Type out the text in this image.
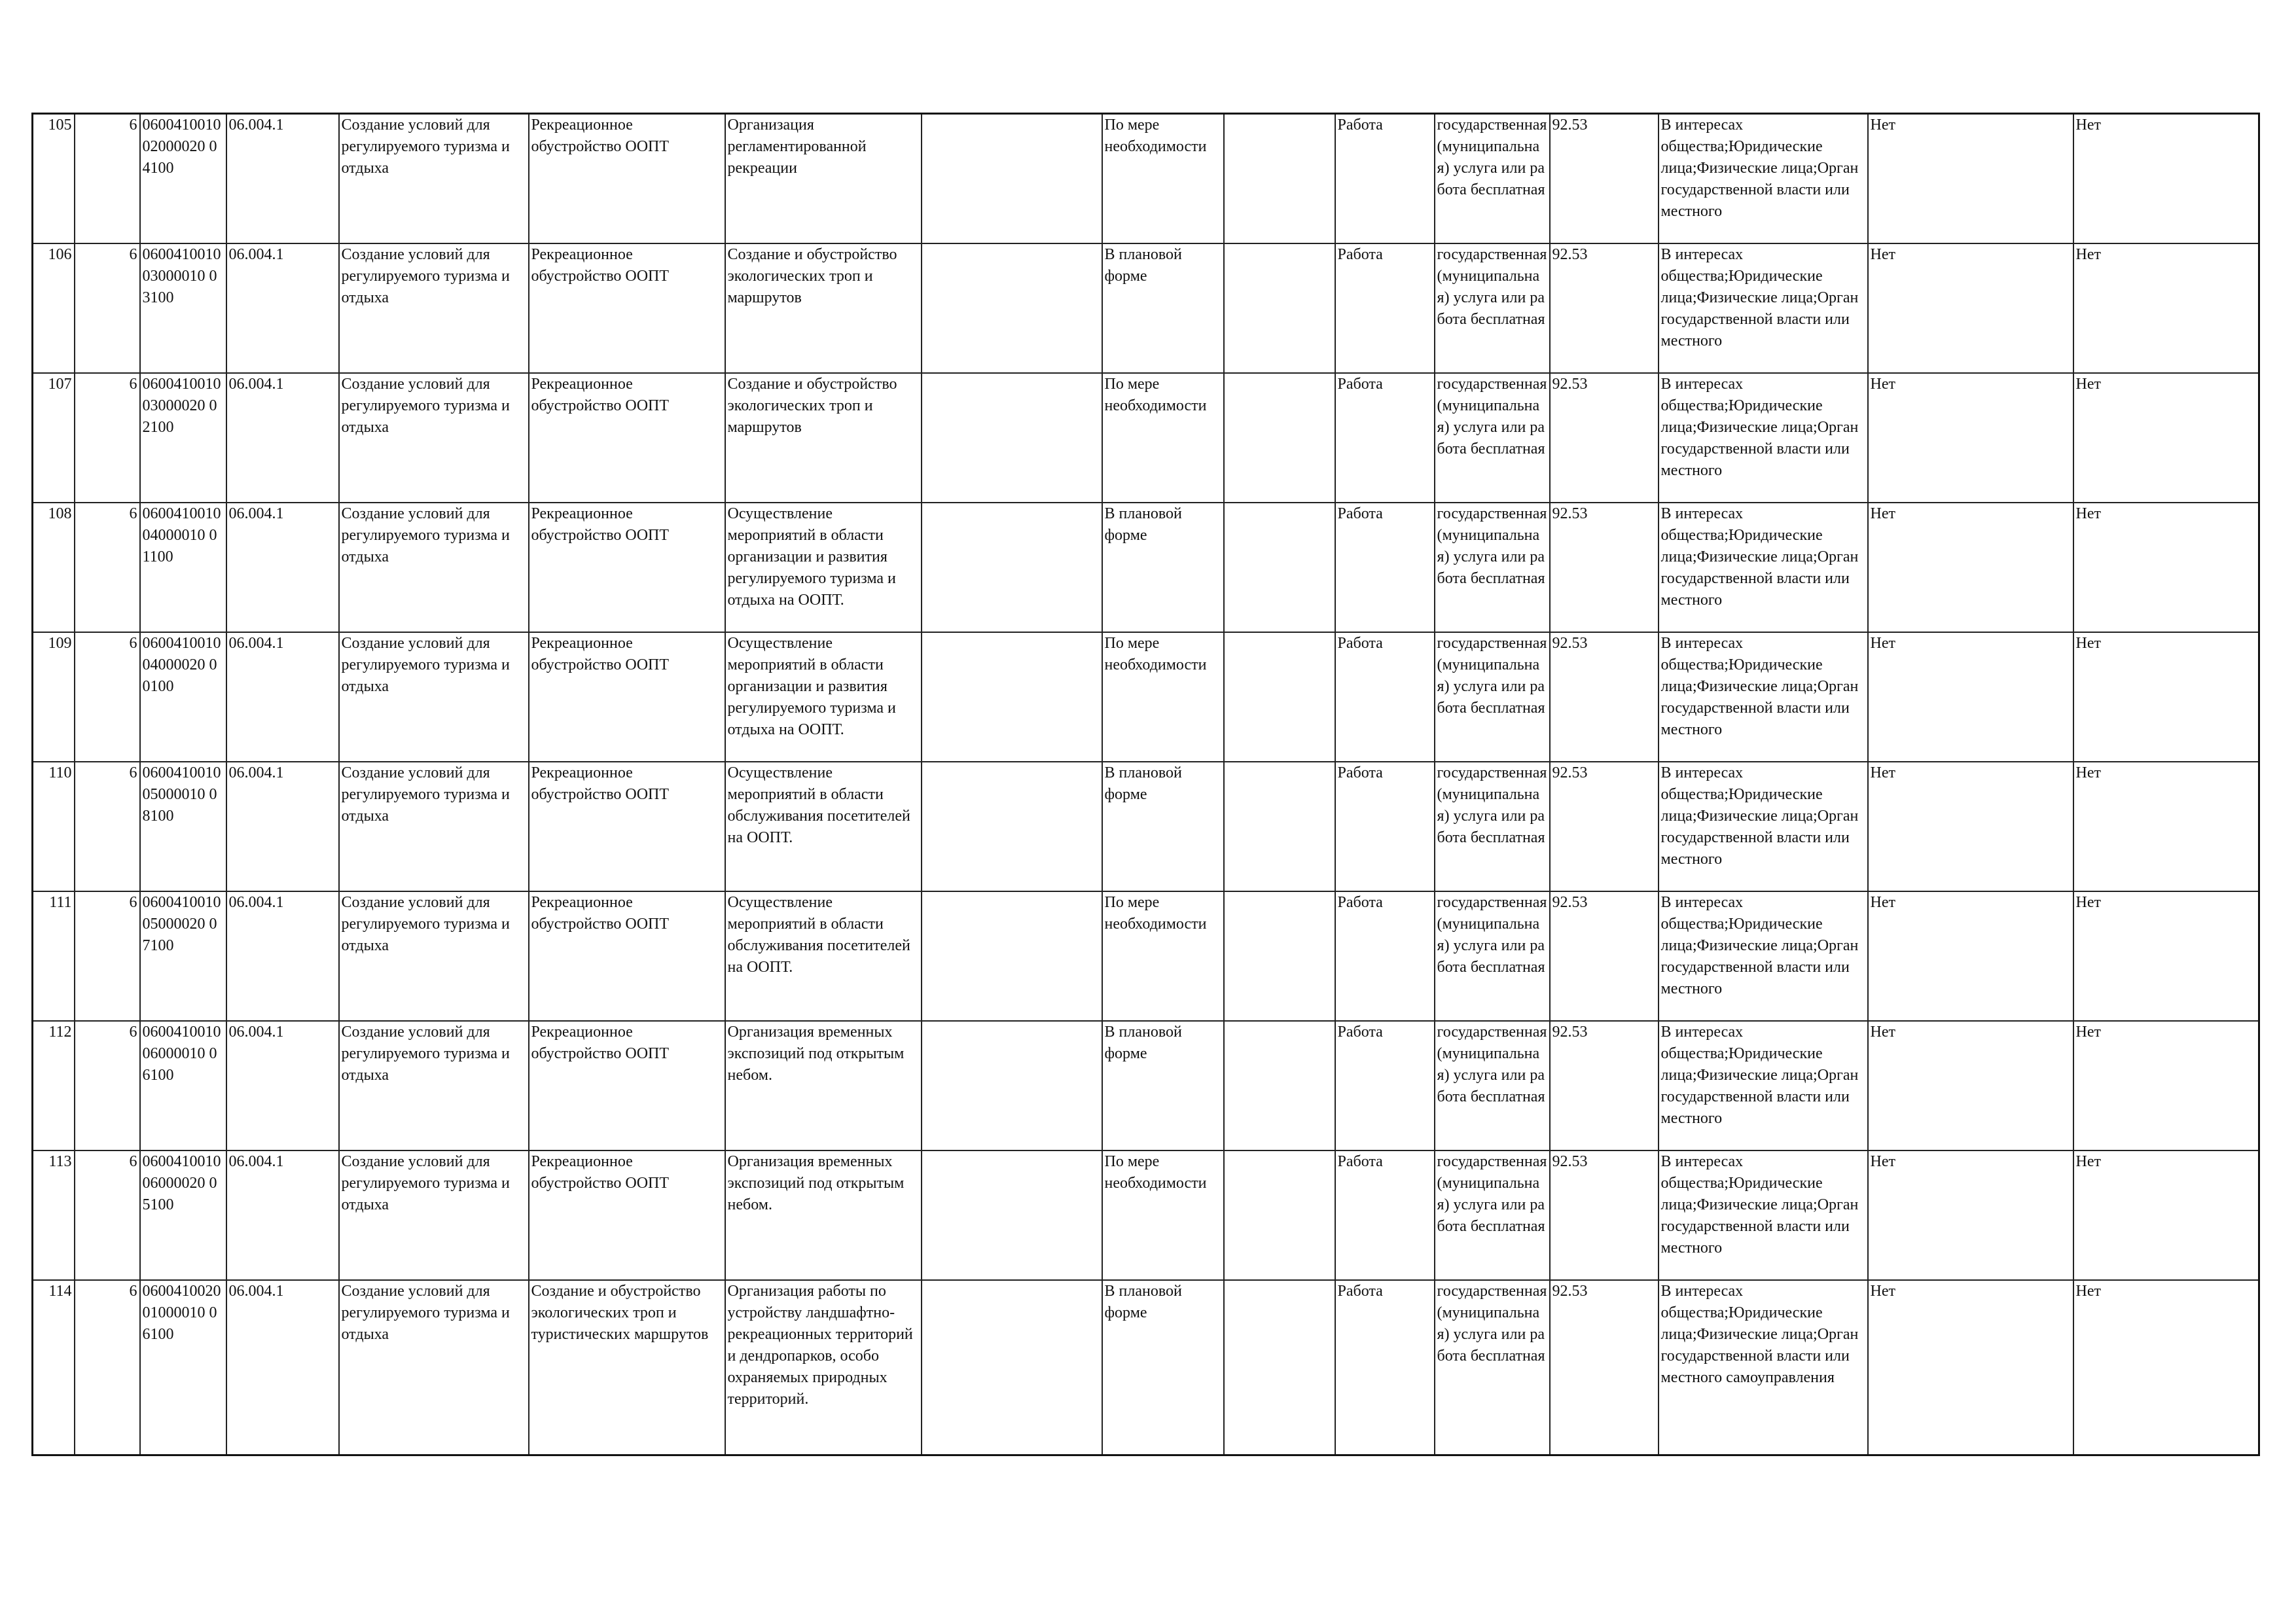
105	6	060041001002000020 04100	06.004.1	Создание условий для регулируемого туризма и отдыха	Рекреационное обустройство ООПТ	Организация регламентированной рекреации		По мере необходимости		Работа	государственная (муниципальная) услуга или работа бесплатная	92.53	В интересах общества;Юридические лица;Физические лица;Орган государственной власти или местного	Нет	Нет
106	6	060041001003000010 03100	06.004.1	Создание условий для регулируемого туризма и отдыха	Рекреационное обустройство ООПТ	Создание и обустройство экологических троп и маршрутов		В плановой форме		Работа	государственная (муниципальная) услуга или работа бесплатная	92.53	В интересах общества;Юридические лица;Физические лица;Орган государственной власти или местного	Нет	Нет
107	6	060041001003000020 02100	06.004.1	Создание условий для регулируемого туризма и отдыха	Рекреационное обустройство ООПТ	Создание и обустройство экологических троп и маршрутов		По мере необходимости		Работа	государственная (муниципальная) услуга или работа бесплатная	92.53	В интересах общества;Юридические лица;Физические лица;Орган государственной власти или местного	Нет	Нет
108	6	060041001004000010 01100	06.004.1	Создание условий для регулируемого туризма и отдыха	Рекреационное обустройство ООПТ	Осуществление мероприятий в области организации и развития регулируемого туризма и отдыха на ООПТ.		В плановой форме		Работа	государственная (муниципальная) услуга или работа бесплатная	92.53	В интересах общества;Юридические лица;Физические лица;Орган государственной власти или местного	Нет	Нет
109	6	060041001004000020 00100	06.004.1	Создание условий для регулируемого туризма и отдыха	Рекреационное обустройство ООПТ	Осуществление мероприятий в области организации и развития регулируемого туризма и отдыха на ООПТ.		По мере необходимости		Работа	государственная (муниципальная) услуга или работа бесплатная	92.53	В интересах общества;Юридические лица;Физические лица;Орган государственной власти или местного	Нет	Нет
110	6	060041001005000010 08100	06.004.1	Создание условий для регулируемого туризма и отдыха	Рекреационное обустройство ООПТ	Осуществление мероприятий в области обслуживания посетителей на ООПТ.		В плановой форме		Работа	государственная (муниципальная) услуга или работа бесплатная	92.53	В интересах общества;Юридические лица;Физические лица;Орган государственной власти или местного	Нет	Нет
111	6	060041001005000020 07100	06.004.1	Создание условий для регулируемого туризма и отдыха	Рекреационное обустройство ООПТ	Осуществление мероприятий в области обслуживания посетителей на ООПТ.		По мере необходимости		Работа	государственная (муниципальная) услуга или работа бесплатная	92.53	В интересах общества;Юридические лица;Физические лица;Орган государственной власти или местного	Нет	Нет
112	6	060041001006000010 06100	06.004.1	Создание условий для регулируемого туризма и отдыха	Рекреационное обустройство ООПТ	Организация временных экспозиций под открытым небом.		В плановой форме		Работа	государственная (муниципальная) услуга или работа бесплатная	92.53	В интересах общества;Юридические лица;Физические лица;Орган государственной власти или местного	Нет	Нет
113	6	060041001006000020 05100	06.004.1	Создание условий для регулируемого туризма и отдыха	Рекреационное обустройство ООПТ	Организация временных экспозиций под открытым небом.		По мере необходимости		Работа	государственная (муниципальная) услуга или работа бесплатная	92.53	В интересах общества;Юридические лица;Физические лица;Орган государственной власти или местного	Нет	Нет
114	6	060041002001000010 06100	06.004.1	Создание условий для регулируемого туризма и отдыха	Создание и обустройство экологических троп и туристических маршрутов	Организация работы по устройству ландшафтно-рекреационных территорий и дендропарков, особо охраняемых природных территорий.		В плановой форме		Работа	государственная (муниципальная) услуга или работа бесплатная	92.53	В интересах общества;Юридические лица;Физические лица;Орган государственной власти или местного самоуправления	Нет	Нет
